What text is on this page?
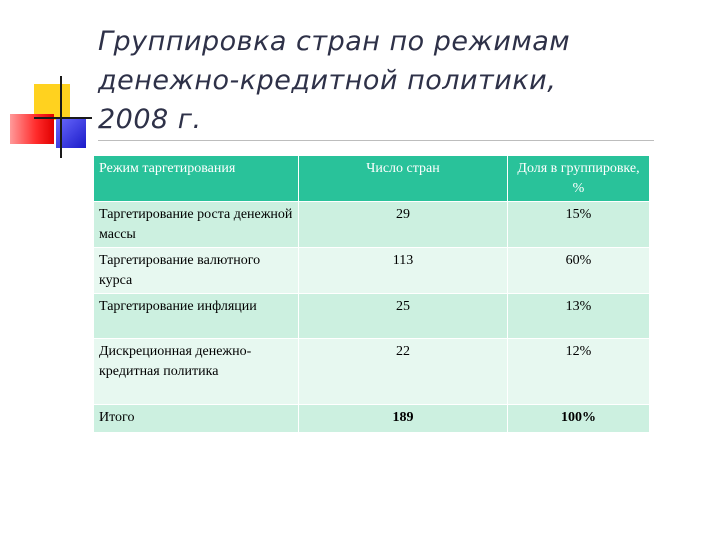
Группировка стран по режимам
денежно-кредитной политики,
2008 г.
Режим таргетирования	Число стран	Доля в группировке, %
Таргетирование роста денежной массы	29	15%
Таргетирование валютного курса	113	60%
Таргетирование инфляции	25	13%
Дискреционная денежно-кредитная политика	22	12%
Итого	189	100%
